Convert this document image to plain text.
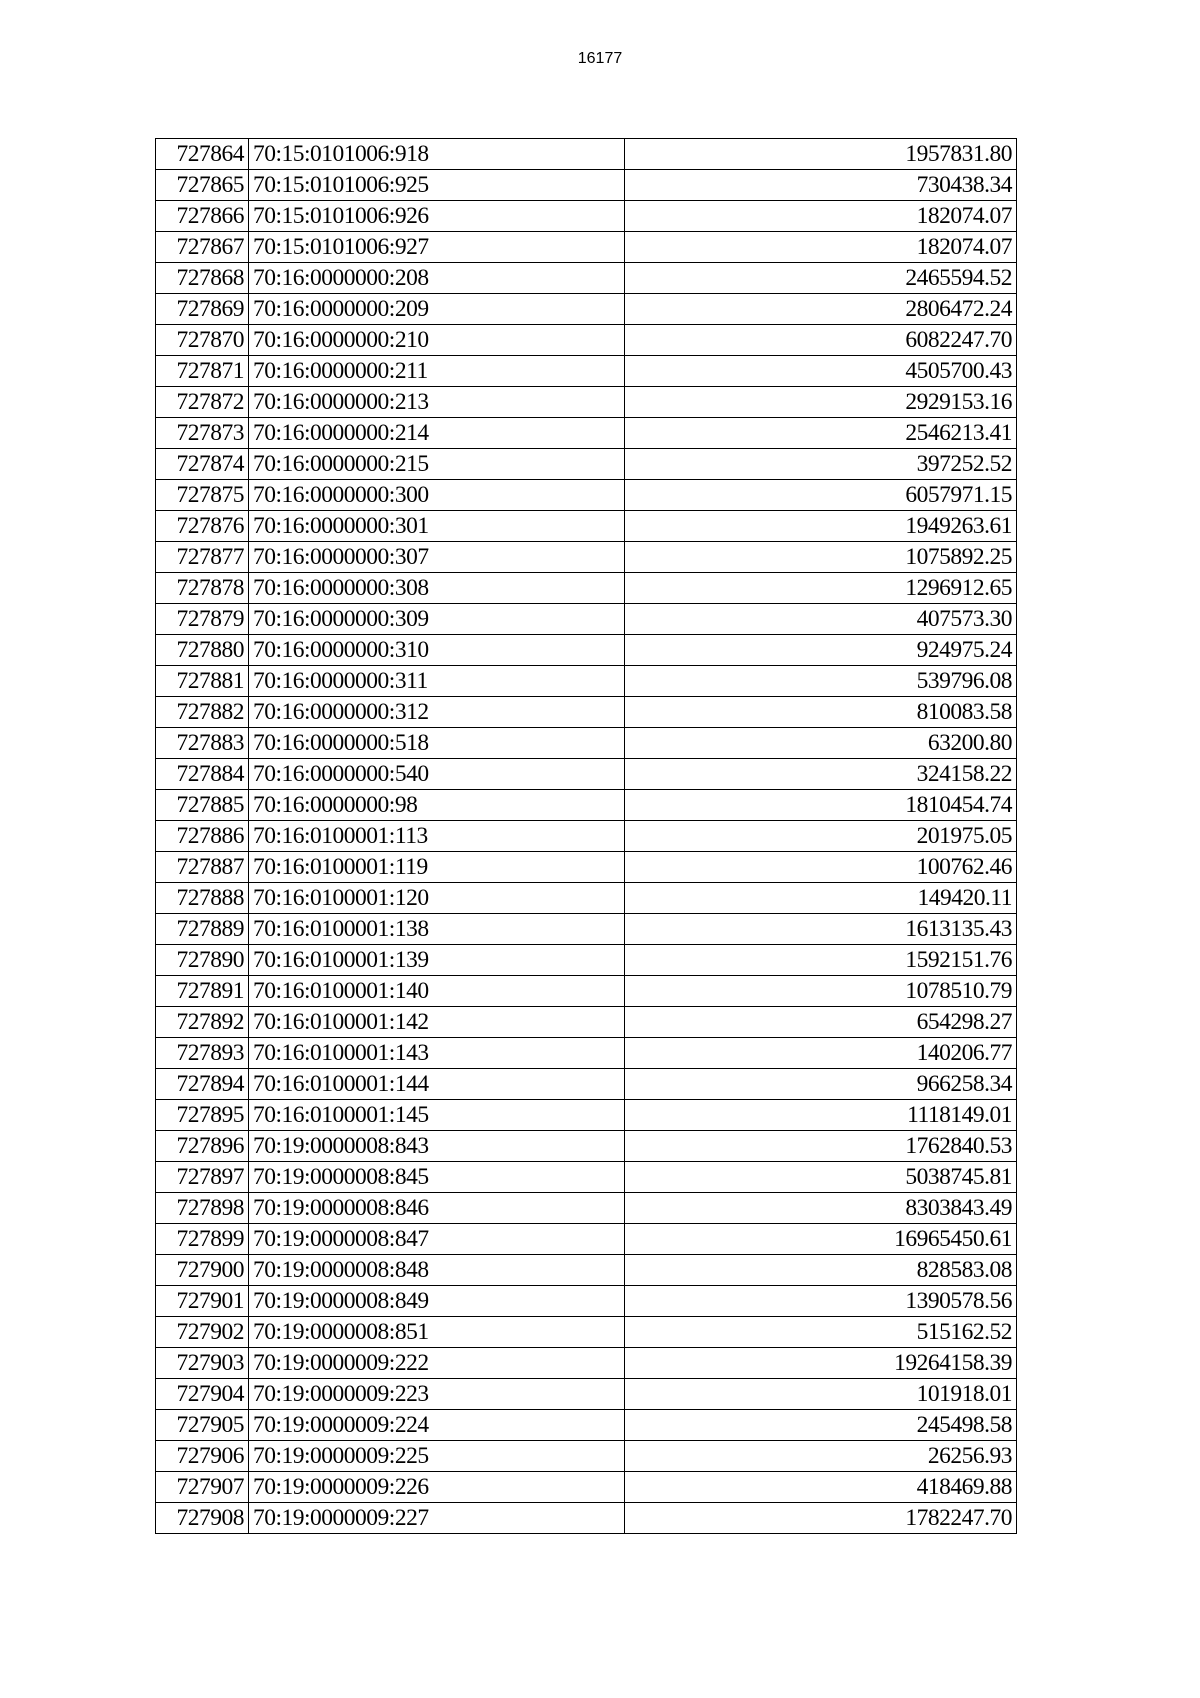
16177
727864	70:15:0101006:918	1957831.80
727865	70:15:0101006:925	730438.34
727866	70:15:0101006:926	182074.07
727867	70:15:0101006:927	182074.07
727868	70:16:0000000:208	2465594.52
727869	70:16:0000000:209	2806472.24
727870	70:16:0000000:210	6082247.70
727871	70:16:0000000:211	4505700.43
727872	70:16:0000000:213	2929153.16
727873	70:16:0000000:214	2546213.41
727874	70:16:0000000:215	397252.52
727875	70:16:0000000:300	6057971.15
727876	70:16:0000000:301	1949263.61
727877	70:16:0000000:307	1075892.25
727878	70:16:0000000:308	1296912.65
727879	70:16:0000000:309	407573.30
727880	70:16:0000000:310	924975.24
727881	70:16:0000000:311	539796.08
727882	70:16:0000000:312	810083.58
727883	70:16:0000000:518	63200.80
727884	70:16:0000000:540	324158.22
727885	70:16:0000000:98	1810454.74
727886	70:16:0100001:113	201975.05
727887	70:16:0100001:119	100762.46
727888	70:16:0100001:120	149420.11
727889	70:16:0100001:138	1613135.43
727890	70:16:0100001:139	1592151.76
727891	70:16:0100001:140	1078510.79
727892	70:16:0100001:142	654298.27
727893	70:16:0100001:143	140206.77
727894	70:16:0100001:144	966258.34
727895	70:16:0100001:145	1118149.01
727896	70:19:0000008:843	1762840.53
727897	70:19:0000008:845	5038745.81
727898	70:19:0000008:846	8303843.49
727899	70:19:0000008:847	16965450.61
727900	70:19:0000008:848	828583.08
727901	70:19:0000008:849	1390578.56
727902	70:19:0000008:851	515162.52
727903	70:19:0000009:222	19264158.39
727904	70:19:0000009:223	101918.01
727905	70:19:0000009:224	245498.58
727906	70:19:0000009:225	26256.93
727907	70:19:0000009:226	418469.88
727908	70:19:0000009:227	1782247.70
